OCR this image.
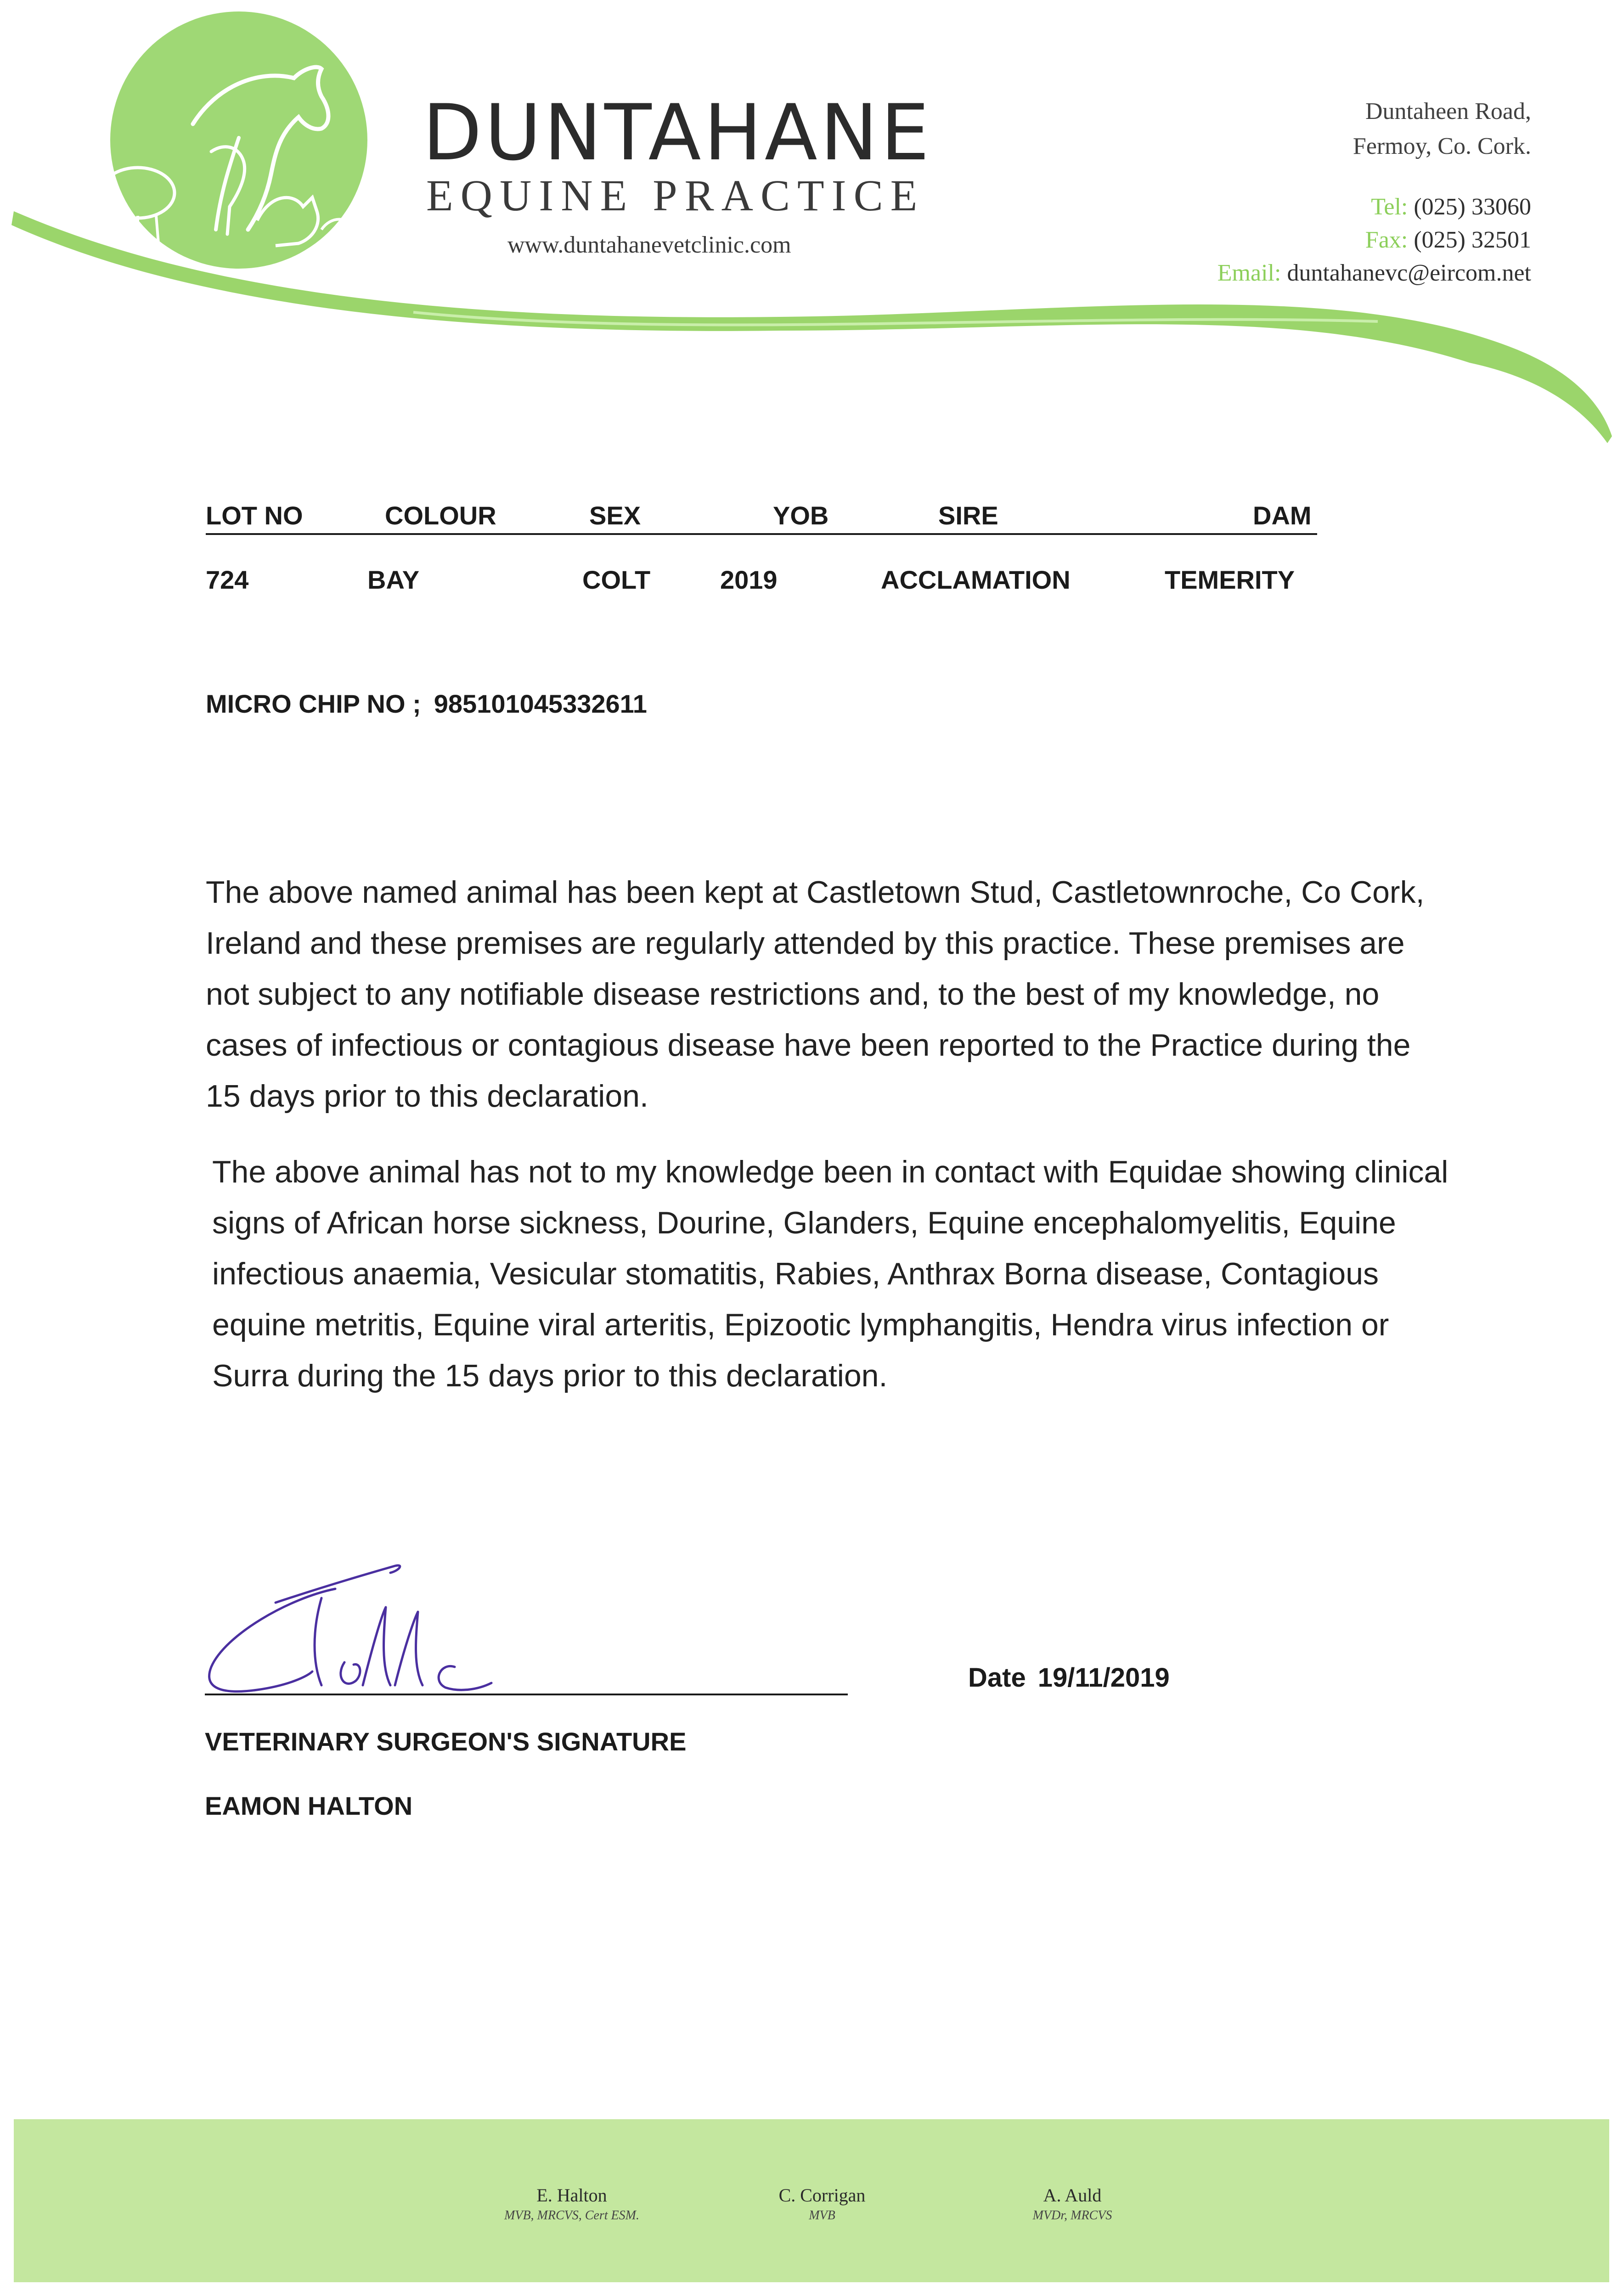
DUNTAHANE
EQUINE PRACTICE
www.duntahanevetclinic.com
Duntaheen Road,
Fermoy, Co. Cork.
Tel: (025) 33060
Fax: (025) 32501
Email: duntahanevc@eircom.net
LOT NO	COLOUR	SEX	YOB	SIRE	DAM
724	BAY	COLT	2019	ACCLAMATION	TEMERITY
MICRO CHIP NO ; 985101045332611
The above named animal has been kept at Castletown Stud, Castletownroche, Co Cork, Ireland and these premises are regularly attended by this practice. These premises are not subject to any notifiable disease restrictions and, to the best of my knowledge, no cases of infectious or contagious disease have been reported to the Practice during the 15 days prior to this declaration.
The above animal has not to my knowledge been in contact with Equidae showing clinical signs of African horse sickness, Dourine, Glanders, Equine encephalomyelitis, Equine infectious anaemia, Vesicular stomatitis, Rabies, Anthrax Borna disease, Contagious equine metritis, Equine viral arteritis, Epizootic lymphangitis, Hendra virus infection or Surra during the 15 days prior to this declaration.
Date 19/11/2019
VETERINARY SURGEON'S SIGNATURE
EAMON HALTON
E. Halton
MVB, MRCVS, Cert ESM.
C. Corrigan
MVB
A. Auld
MVDr, MRCVS
